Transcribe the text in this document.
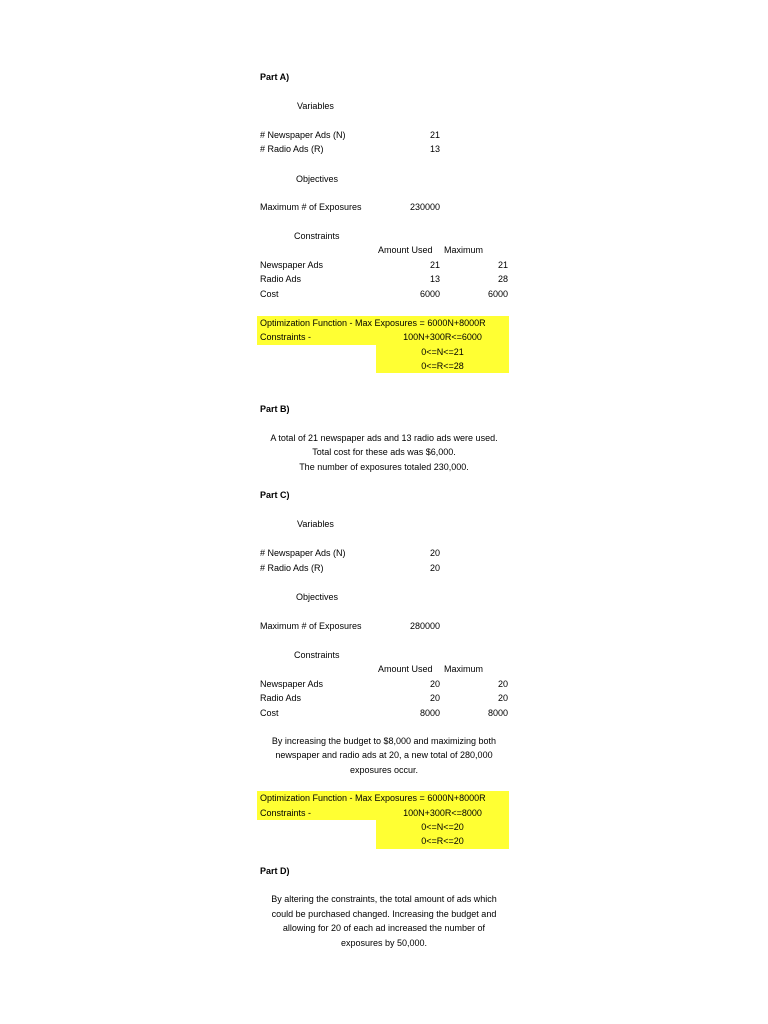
Part A)
Variables
# Newspaper Ads (N)	21
# Radio Ads (R)	13
Objectives
Maximum # of Exposures	230000
Constraints
Amount Used Maximum
Newspaper Ads	21	21
Radio Ads	13	28
Cost	6000	6000
Optimization Function - Max Exposures = 6000N+8000R
Constraints -	100N+300R<=6000
0<=N<=21
0<=R<=28
Part B)
A total of 21 newspaper ads and 13 radio ads were used.
Total cost for these ads was $6,000.
The number of exposures totaled 230,000.
Part C)
Variables
# Newspaper Ads (N)	20
# Radio Ads (R)	20
Objectives
Maximum # of Exposures	280000
Constraints
Amount Used Maximum
Newspaper Ads	20	20
Radio Ads	20	20
Cost	8000	8000
By increasing the budget to $8,000 and maximizing both
newspaper and radio ads at 20, a new total of 280,000
exposures occur.
Optimization Function - Max Exposures = 6000N+8000R
Constraints -	100N+300R<=8000
0<=N<=20
0<=R<=20
Part D)
By altering the constraints, the total amount of ads which
could be purchased changed. Increasing the budget and
allowing for 20 of each ad increased the number of
exposures by 50,000.
